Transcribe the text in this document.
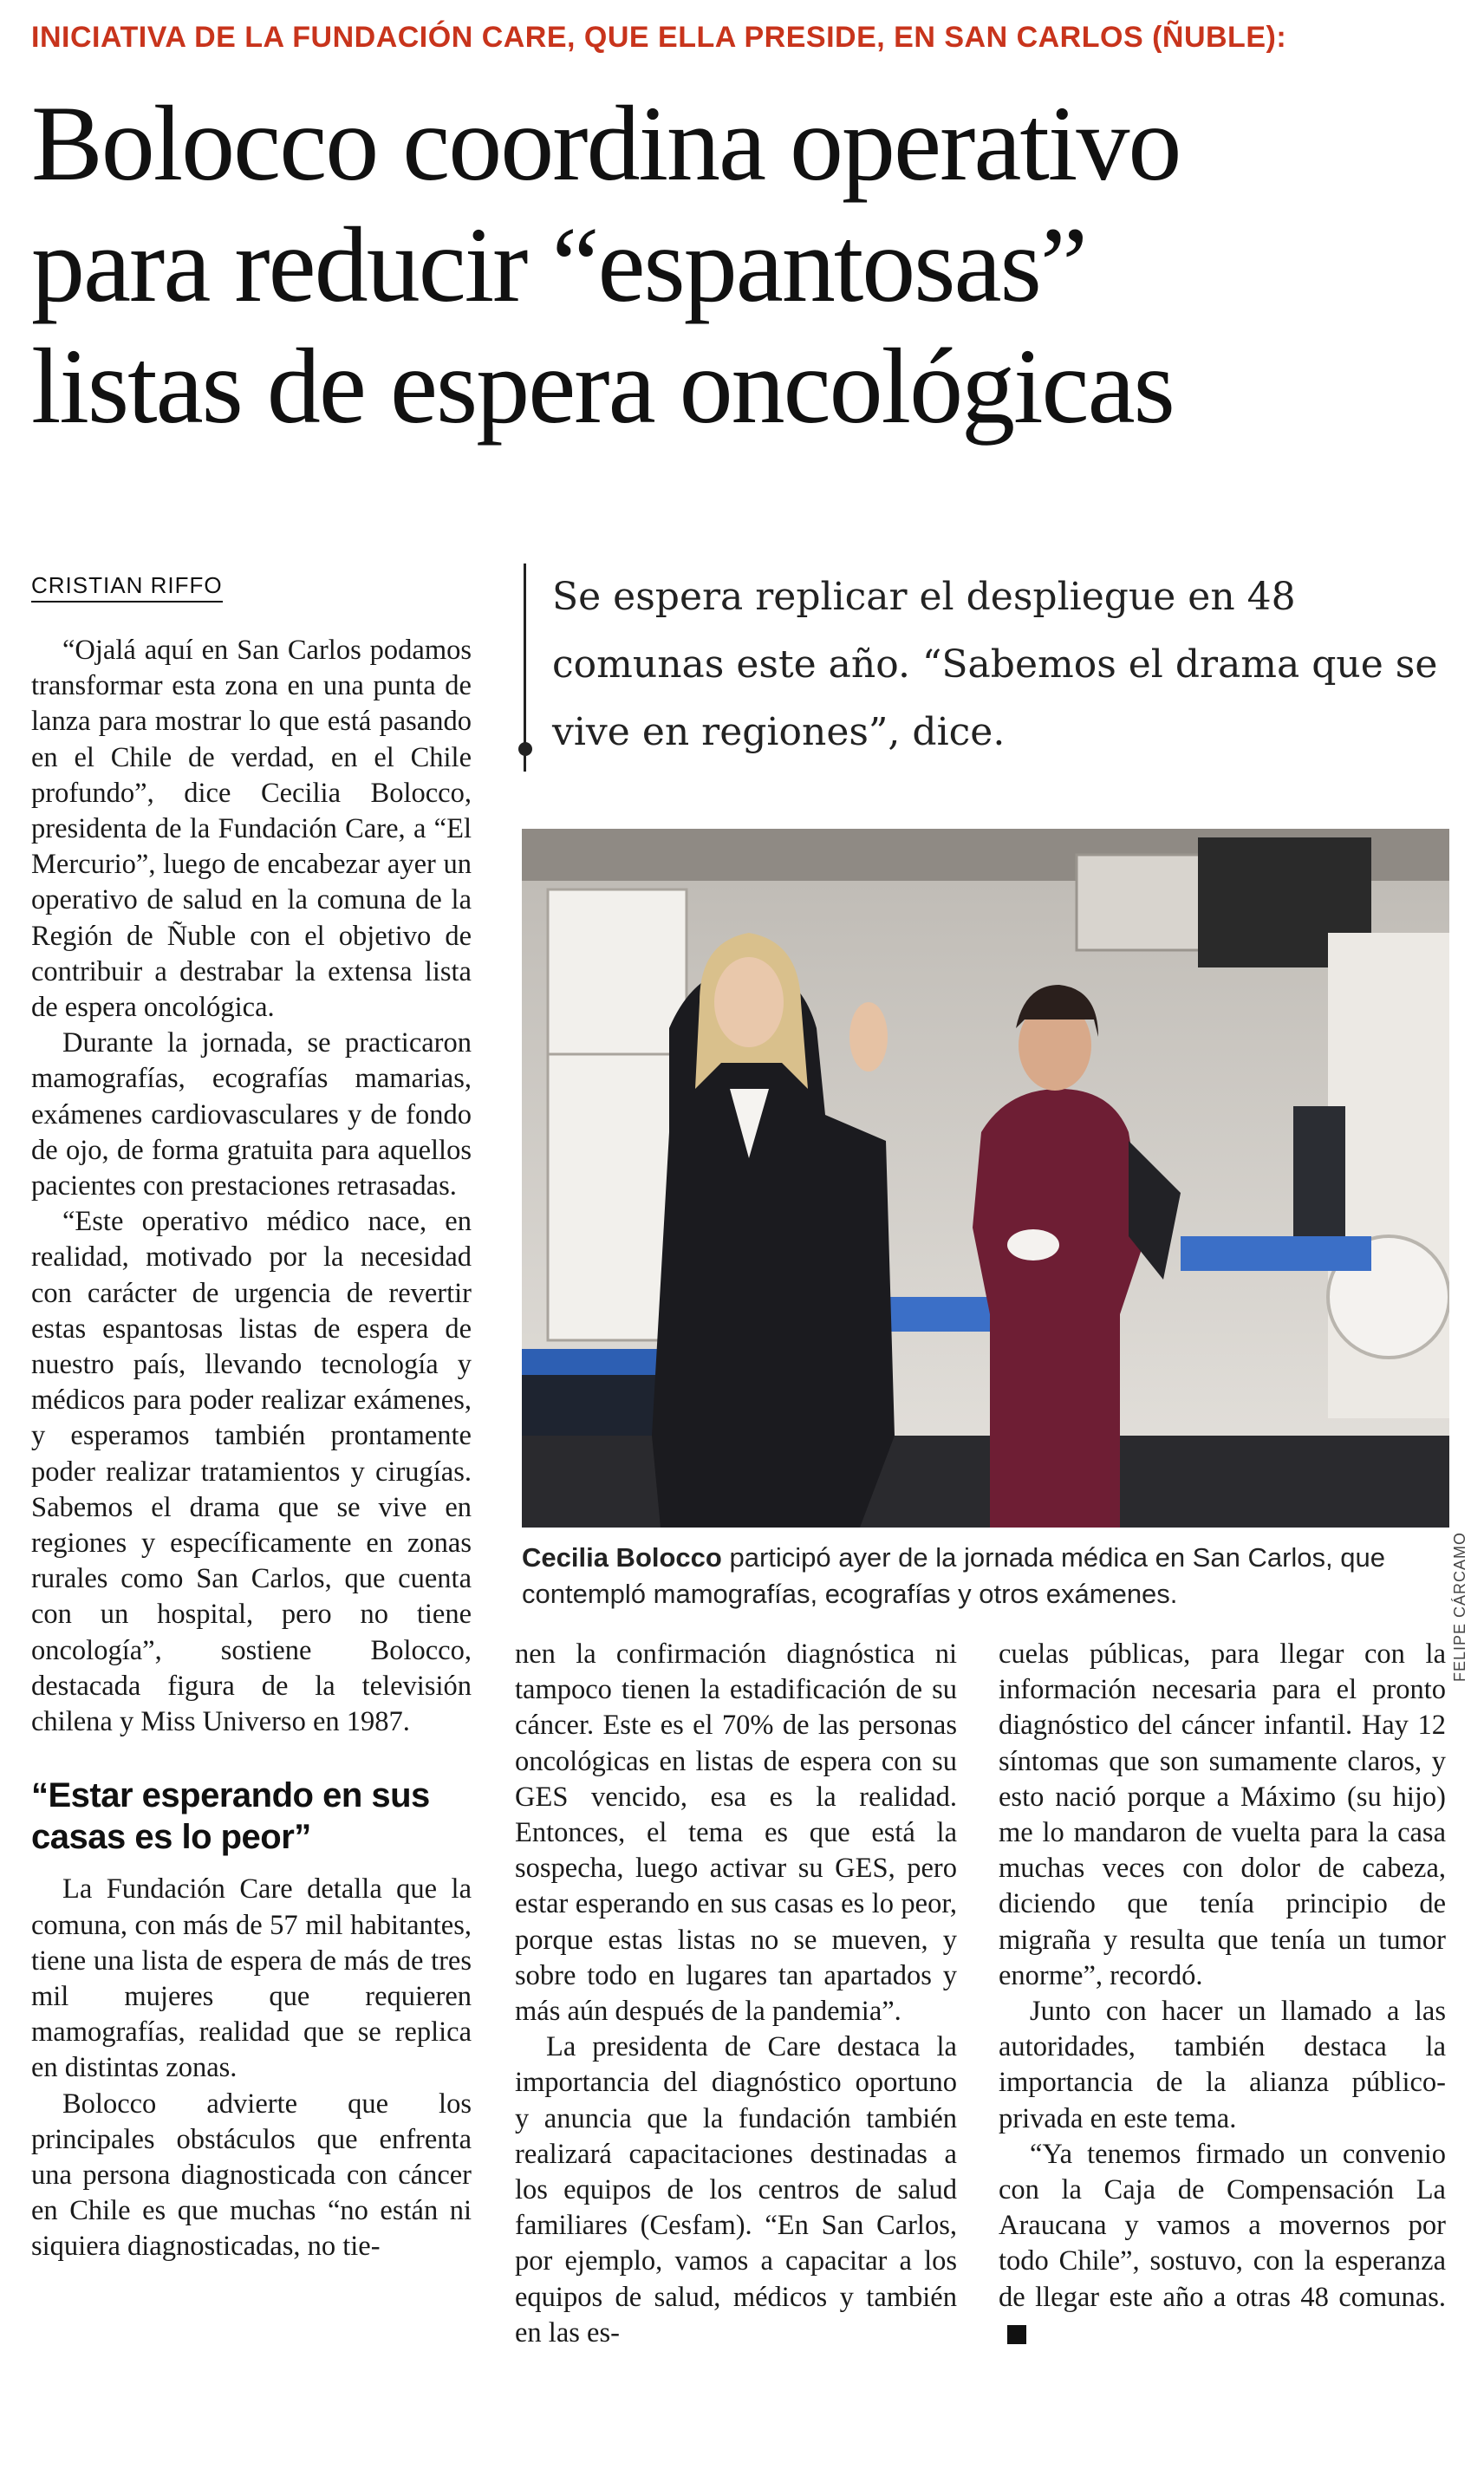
INICIATIVA DE LA FUNDACIÓN CARE, QUE ELLA PRESIDE, EN SAN CARLOS (ÑUBLE):
Bolocco coordina operativo
para reducir “espantosas”
listas de espera oncológicas
CRISTIAN RIFFO	Se espera replicar el despliegue en 48 comunas este año. “Sabemos el drama que se vive en regiones”, dice.
FELIPE CÁRCAMO
Cecilia Bolocco participó ayer de la jornada médica en San Carlos, que contempló mamografías, ecografías y otros exámenes.

“Ojalá aquí en San Carlos podamos transformar esta zona en una punta de lanza para mostrar lo que está pasando en el Chile de verdad, en el Chile profundo”, dice Cecilia Bolocco, presidenta de la Fundación Care, a “El Mercurio”, luego de encabezar ayer un operativo de salud en la comuna de la Región de Ñuble con el objetivo de contribuir a destrabar la extensa lista de espera oncológica.

Durante la jornada, se practicaron mamografías, ecografías mamarias, exámenes cardiovasculares y de fondo de ojo, de forma gratuita para aquellos pacientes con prestaciones retrasadas.

“Este operativo médico nace, en realidad, motivado por la necesidad con carácter de urgencia de revertir estas espantosas listas de espera de nuestro país, llevando tecnología y médicos para poder realizar exámenes, y esperamos también prontamente poder realizar tratamientos y cirugías. Sabemos el drama que se vive en regiones y específicamente en zonas rurales como San Carlos, que cuenta con un hospital, pero no tiene oncología”, sostiene Bolocco, destacada figura de la televisión chilena y Miss Universo en 1987.

“Estar esperando en sus casas es lo peor”

La Fundación Care detalla que la comuna, con más de 57 mil habitantes, tiene una lista de espera de más de tres mil mujeres que requieren mamografías, realidad que se replica en distintas zonas.

Bolocco advierte que los principales obstáculos que enfrenta una persona diagnosticada con cáncer en Chile es que muchas “no están ni siquiera diagnosticadas, no tie-

nen la confirmación diagnóstica ni tampoco tienen la estadificación de su cáncer. Este es el 70% de las personas oncológicas en listas de espera con su GES vencido, esa es la realidad. Entonces, el tema es que está la sospecha, luego activar su GES, pero estar esperando en sus casas es lo peor, porque estas listas no se mueven, y sobre todo en lugares tan apartados y más aún después de la pandemia”.

La presidenta de Care destaca la importancia del diagnóstico oportuno y anuncia que la fundación también realizará capacitaciones destinadas a los equipos de los centros de salud familiares (Cesfam). “En San Carlos, por ejemplo, vamos a capacitar a los equipos de salud, médicos y también en las es-

cuelas públicas, para llegar con la información necesaria para el pronto diagnóstico del cáncer infantil. Hay 12 síntomas que son sumamente claros, y esto nació porque a Máximo (su hijo) me lo mandaron de vuelta para la casa muchas veces con dolor de cabeza, diciendo que tenía principio de migraña y resulta que tenía un tumor enorme”, recordó.

Junto con hacer un llamado a las autoridades, también destaca la importancia de la alianza público-privada en este tema.

“Ya tenemos firmado un convenio con la Caja de Compensación La Araucana y vamos a movernos por todo Chile”, sostuvo, con la esperanza de llegar este año a otras 48 comunas.
